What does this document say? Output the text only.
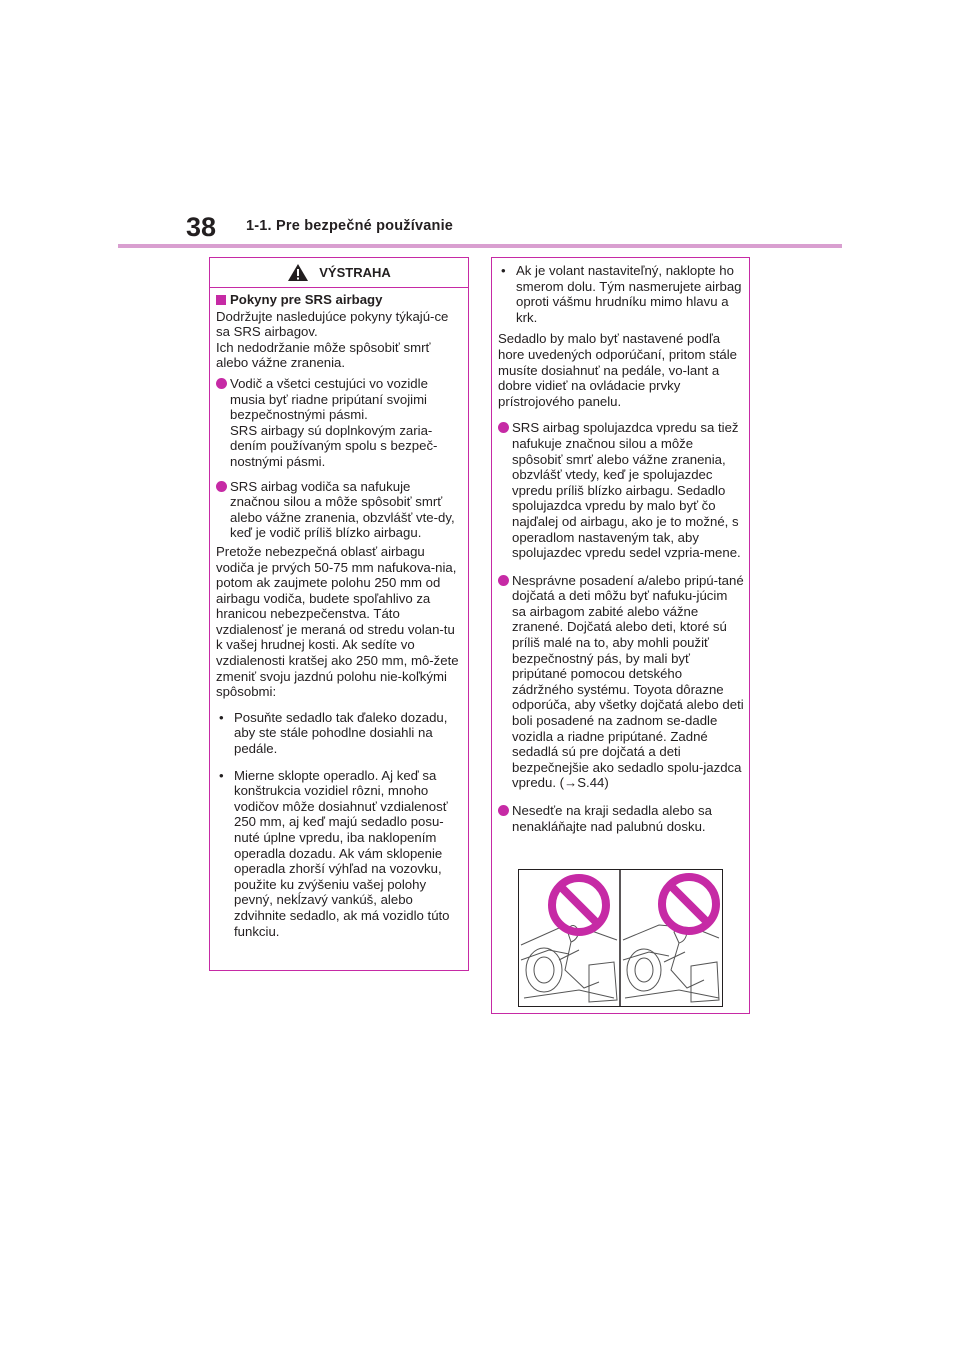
38 1-1. Pre bezpečné používanie
VÝSTRAHA
Pokyny pre SRS airbagy

Dodržujte nasledujúce pokyny týkajú-ce sa SRS airbagov.

Ich nedodržanie môže spôsobiť smrť alebo vážne zranenia.

Vodič a všetci cestujúci vo vozidle musia byť riadne pripútaní svojimi bezpečnostnými pásmi.
SRS airbagy sú doplnkovým zaria-dením používaným spolu s bezpeč-nostnými pásmi.
SRS airbag vodiča sa nafukuje značnou silou a môže spôsobiť smrť alebo vážne zranenia, obzvlášť vte-dy, keď je vodič príliš blízko airbagu.

Pretože nebezpečná oblasť airbagu vodiča je prvých 50-75 mm nafukova-nia, potom ak zaujmete polohu 250 mm od airbagu vodiča, budete spoľahlivo za hranicou nebezpečenstva. Táto vzdialenosť je meraná od stredu volan-tu k vašej hrudnej kosti. Ak sedíte vo vzdialenosti kratšej ako 250 mm, mô-žete zmeniť svoju jazdnú polohu nie-koľkými spôsobmi:

• Posuňte sedadlo tak ďaleko dozadu, aby ste stále pohodlne dosiahli na pedále.
• Mierne sklopte operadlo. Aj keď sa konštrukcia vozidiel rôzni, mnoho vodičov môže dosiahnuť vzdialenosť 250 mm, aj keď majú sedadlo posu-nuté úplne vpredu, iba naklopením operadla dozadu. Ak vám sklopenie operadla zhorší výhľad na vozovku, použite ku zvýšeniu vašej polohy pevný, nekĺzavý vankúš, alebo zdvihnite sedadlo, ak má vozidlo túto funkciu.
• Ak je volant nastaviteľný, naklopte ho smerom dolu. Tým nasmerujete airbag oproti vášmu hrudníku mimo hlavu a krk.

Sedadlo by malo byť nastavené podľa hore uvedených odporúčaní, pritom stále musíte dosiahnuť na pedále, vo-lant a dobre vidieť na ovládacie prvky prístrojového panelu.

SRS airbag spolujazdca vpredu sa tiež nafukuje značnou silou a môže spôsobiť smrť alebo vážne zranenia, obzvlášť vtedy, keď je spolujazdec vpredu príliš blízko airbagu. Sedadlo spolujazdca vpredu by malo byť čo najďalej od airbagu, ako je to možné, s operadlom nastaveným tak, aby spolujazdec vpredu sedel vzpria-mene.
Nesprávne posadení a/alebo pripú-tané dojčatá a deti môžu byť nafuku-júcim sa airbagom zabité alebo vážne zranené. Dojčatá alebo deti, ktoré sú príliš malé na to, aby mohli použiť bezpečnostný pás, by mali byť pripútané pomocou detského zádržného systému. Toyota dôrazne odporúča, aby všetky dojčatá alebo deti boli posadené na zadnom se-dadle vozidla a riadne pripútané. Zadné sedadlá sú pre dojčatá a deti bezpečnejšie ako sedadlo spolu-jazdca vpredu. (→S.44)
Nesedťe na kraji sedadla alebo sa nenakláňajte nad palubnú dosku.
